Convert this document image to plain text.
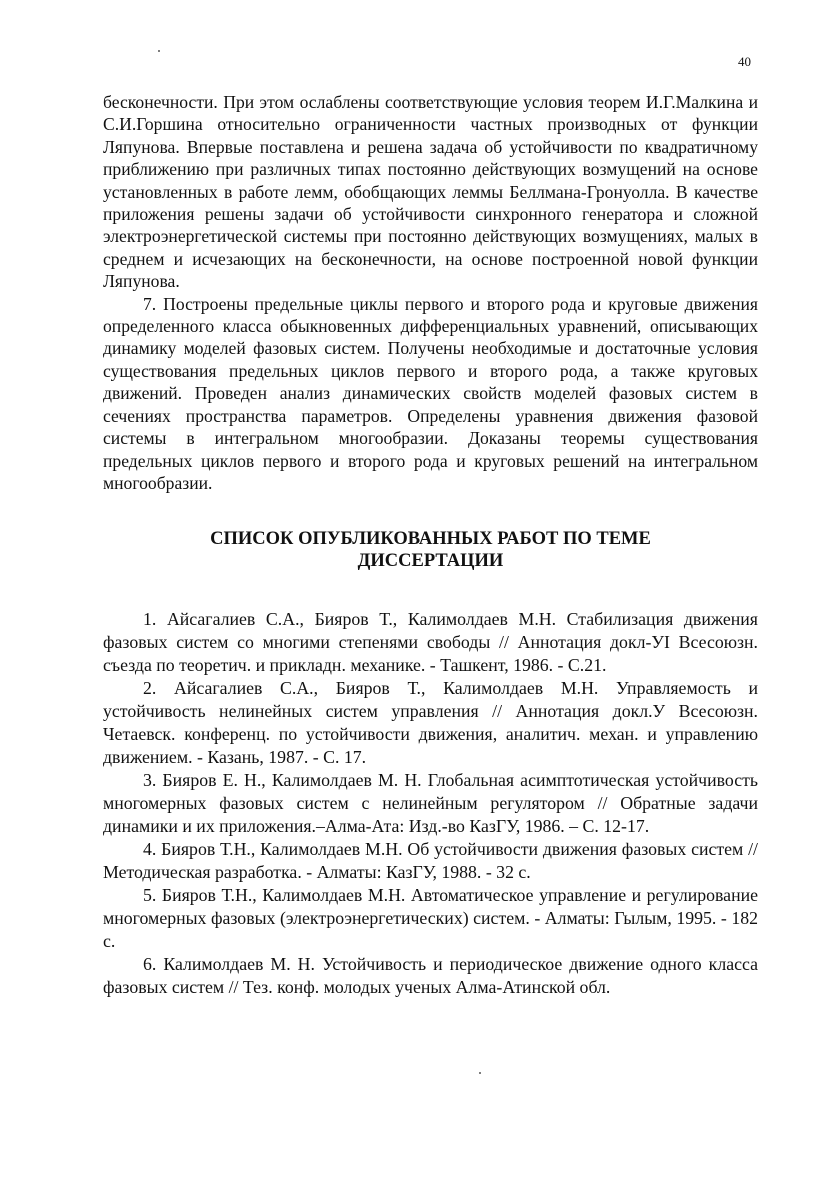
40

бесконечности. При этом ослаблены соответствующие условия теорем И.Г.Малкина и С.И.Горшина относительно ограниченности частных производных от функции Ляпунова. Впервые поставлена и решена задача об устойчивости по квадратичному приближению при различных типах постоянно действующих возмущений на основе установленных в работе лемм, обобщающих леммы Беллмана-Гронуолла. В качестве приложения решены задачи об устойчивости синхронного генератора и сложной электроэнергетической системы при постоянно действующих возмущениях, малых в среднем и исчезающих на бесконечности, на основе построенной новой функции Ляпунова.

7. Построены предельные циклы первого и второго рода и круговые движения определенного класса обыкновенных дифференциальных уравнений, описывающих динамику моделей фазовых систем. Получены необходимые и достаточные условия существования предельных циклов первого и второго рода, а также круговых движений. Проведен анализ динамических свойств моделей фазовых систем в сечениях пространства параметров. Определены уравнения движения фазовой системы в интегральном многообразии. Доказаны теоремы существования предельных циклов первого и второго рода и круговых решений на интегральном многообразии.

СПИСОК ОПУБЛИКОВАННЫХ РАБОТ ПО ТЕМЕ
ДИССЕРТАЦИИ

1. Айсагалиев С.А., Бияров Т., Калимолдаев М.Н. Стабилизация движения фазовых систем со многими степенями свободы // Аннотация докл-УI Всесоюзн. съезда по теоретич. и прикладн. механике. - Ташкент, 1986. - С.21.

2. Айсагалиев С.А., Бияров Т., Калимолдаев М.Н. Управляемость и устойчивость нелинейных систем управления // Аннотация докл.У Всесоюзн. Четаевск. конференц. по устойчивости движения, аналитич. механ. и управлению движением. - Казань, 1987. - С. 17.

3. Бияров Е. Н., Калимолдаев М. Н. Глобальная асимптотическая устойчивость многомерных фазовых систем с нелинейным регулятором // Обратные задачи динамики и их приложения.–Алма-Ата: Изд.-во КазГУ, 1986. – С. 12-17.

4. Бияров Т.Н., Калимолдаев М.Н. Об устойчивости движения фазовых систем // Методическая разработка. - Алматы: КазГУ, 1988. - 32 с.

5. Бияров Т.Н., Калимолдаев М.Н. Автоматическое управление и регулирование многомерных фазовых (электроэнергетических) систем. - Алматы: Гылым, 1995. - 182 с.

6. Калимолдаев М. Н. Устойчивость и периодическое движение одного класса фазовых систем // Тез. конф. молодых ученых Алма-Атинской обл.
